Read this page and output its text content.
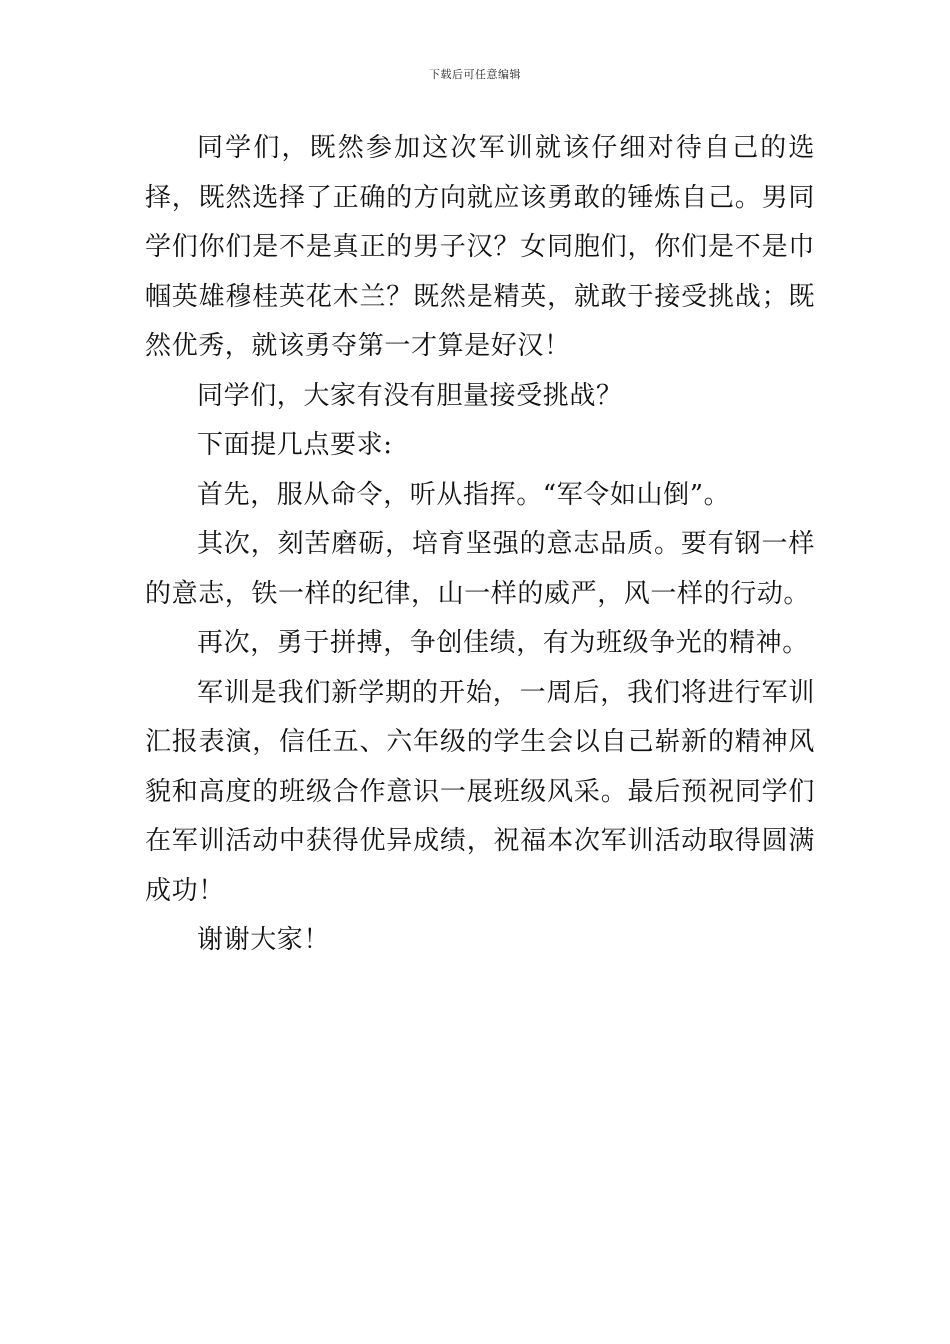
下载后可任意编辑

同学们，既然参加这次军训就该仔细对待自己的选择，既然选择了正确的方向就应该勇敢的锤炼自己。男同学们你们是不是真正的男子汉？女同胞们，你们是不是巾帼英雄穆桂英花木兰？既然是精英，就敢于接受挑战；既然优秀，就该勇夺第一才算是好汉！

同学们，大家有没有胆量接受挑战？

下面提几点要求:

首先，服从命令，听从指挥。“军令如山倒”。

其次，刻苦磨砺，培育坚强的意志品质。要有钢一样的意志，铁一样的纪律，山一样的威严，风一样的行动。

再次，勇于拼搏，争创佳绩，有为班级争光的精神。

军训是我们新学期的开始，一周后，我们将进行军训汇报表演，信任五、六年级的学生会以自己崭新的精神风貌和高度的班级合作意识一展班级风采。最后预祝同学们在军训活动中获得优异成绩，祝福本次军训活动取得圆满成功！

谢谢大家！
